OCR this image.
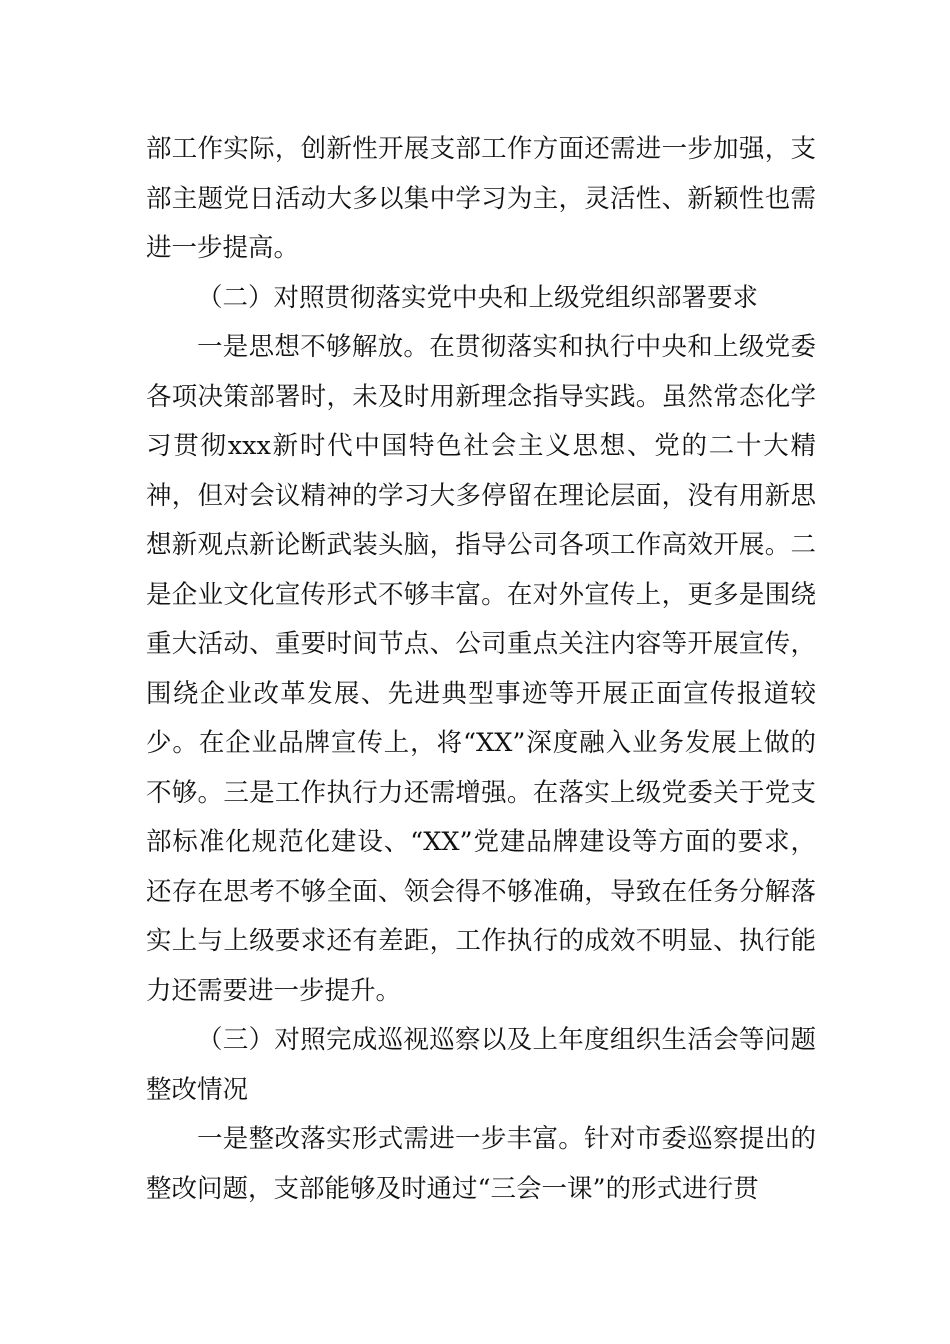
部工作实际，创新性开展支部工作方面还需进一步加强，支部主题党日活动大多以集中学习为主，灵活性、新颖性也需进一步提高。

（二）对照贯彻落实党中央和上级党组织部署要求

一是思想不够解放。在贯彻落实和执行中央和上级党委各项决策部署时，未及时用新理念指导实践。虽然常态化学习贯彻xxx新时代中国特色社会主义思想、党的二十大精神，但对会议精神的学习大多停留在理论层面，没有用新思想新观点新论断武装头脑，指导公司各项工作高效开展。二是企业文化宣传形式不够丰富。在对外宣传上，更多是围绕重大活动、重要时间节点、公司重点关注内容等开展宣传，围绕企业改革发展、先进典型事迹等开展正面宣传报道较少。在企业品牌宣传上，将“XX”深度融入业务发展上做的不够。三是工作执行力还需增强。在落实上级党委关于党支部标准化规范化建设、“XX”党建品牌建设等方面的要求，还存在思考不够全面、领会得不够准确，导致在任务分解落实上与上级要求还有差距，工作执行的成效不明显、执行能力还需要进一步提升。

（三）对照完成巡视巡察以及上年度组织生活会等问题整改情况

一是整改落实形式需进一步丰富。针对市委巡察提出的整改问题，支部能够及时通过“三会一课”的形式进行贯
